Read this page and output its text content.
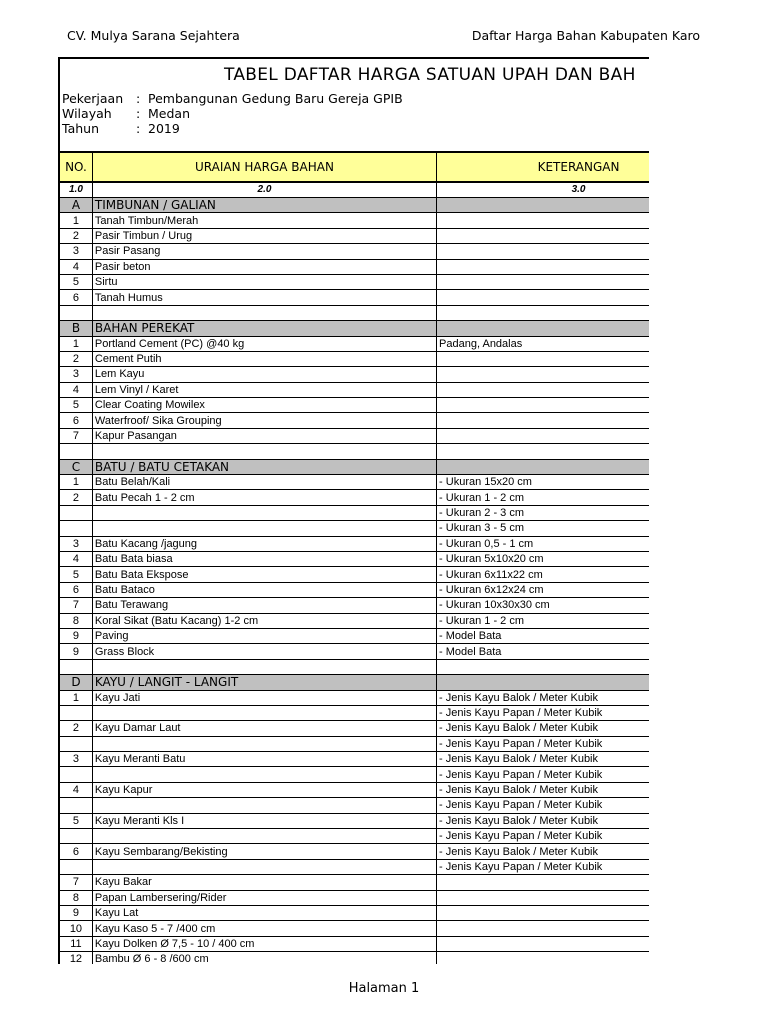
CV. Mulya Sarana Sejahtera	Daftar Harga Bahan Kabupaten Karo
TABEL DAFTAR HARGA SATUAN UPAH DAN BAH
Pekerjaan : Pembangunan Gedung Baru Gereja GPIB
Wilayah	: Medan
Tahun	: 2019
NO.	URAIAN HARGA BAHAN	KETERANGAN
1.0	2.0	3.0
A	TIMBUNAN / GALIAN	
1	Tanah Timbun/Merah	
2	Pasir Timbun / Urug	
3	Pasir Pasang	
4	Pasir beton	
5	Sirtu	
6	Tanah Humus	

B	BAHAN PEREKAT	
1	Portland Cement (PC) @40 kg	Padang, Andalas
2	Cement Putih	
3	Lem Kayu	
4	Lem Vinyl / Karet	
5	Clear Coating Mowilex	
6	Waterfroof/ Sika Grouping	
7	Kapur Pasangan	

C	BATU / BATU CETAKAN	
1	Batu Belah/Kali	- Ukuran 15x20 cm
2	Batu Pecah 1 - 2 cm	- Ukuran 1 - 2 cm
		- Ukuran 2 - 3 cm
		- Ukuran 3 - 5 cm
3	Batu Kacang /jagung	- Ukuran 0,5 - 1 cm
4	Batu Bata biasa	- Ukuran 5x10x20 cm
5	Batu Bata Ekspose	- Ukuran 6x11x22 cm
6	Batu Bataco	- Ukuran 6x12x24 cm
7	Batu Terawang	- Ukuran 10x30x30 cm
8	Koral Sikat (Batu Kacang) 1-2 cm	- Ukuran 1 - 2 cm
9	Paving	- Model Bata
9	Grass Block	- Model Bata

D	KAYU / LANGIT - LANGIT	
1	Kayu Jati	- Jenis Kayu Balok / Meter Kubik
		- Jenis Kayu Papan / Meter Kubik
2	Kayu Damar Laut	- Jenis Kayu Balok / Meter Kubik
		- Jenis Kayu Papan / Meter Kubik
3	Kayu Meranti Batu	- Jenis Kayu Balok / Meter Kubik
		- Jenis Kayu Papan / Meter Kubik
4	Kayu Kapur	- Jenis Kayu Balok / Meter Kubik
		- Jenis Kayu Papan / Meter Kubik
5	Kayu Meranti Kls I	- Jenis Kayu Balok / Meter Kubik
		- Jenis Kayu Papan / Meter Kubik
6	Kayu Sembarang/Bekisting	- Jenis Kayu Balok / Meter Kubik
		- Jenis Kayu Papan / Meter Kubik
7	Kayu Bakar	
8	Papan Lambersering/Rider	
9	Kayu Lat	
10	Kayu Kaso 5 - 7 /400 cm	
11	Kayu Dolken Ø 7,5 - 10 / 400 cm	
12	Bambu Ø 6 - 8 /600 cm	
Halaman 1
